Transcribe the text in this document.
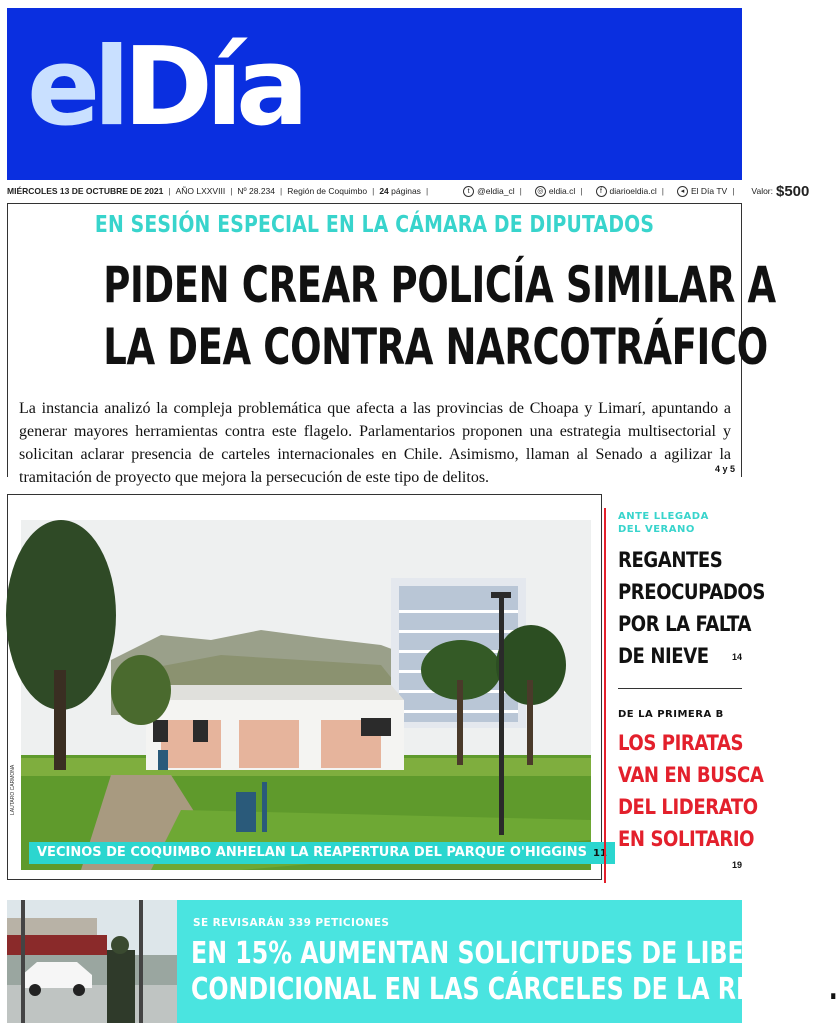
elDía
MIÉRCOLES 13 DE OCTUBRE DE 2021 | AÑO LXXVIII | Nº 28.234 | Región de Coquimbo | 24
páginas |	t @eldia_cl |	◎ eldia.cl |	f diarioeldia.cl |	◂ El Día TV | Valor: $500
EN SESIÓN ESPECIAL EN LA CÁMARA DE DIPUTADOS
PIDEN CREAR POLICÍA SIMILAR A
LA DEA CONTRA NARCOTRÁFICO
La instancia analizó la compleja problemática que afecta a las provincias de Choapa y Limarí, apuntando a generar mayores herramientas contra este flagelo. Parlamentarios proponen una estrategia multisectorial y solicitan aclarar presencia de carteles internacionales en Chile. Asimismo, llaman al Senado a agilizar la tramitación de proyecto que mejora la persecución de este tipo de delitos.	4 y 5
VECINOS DE COQUIMBO ANHELAN LA REAPERTURA DEL PARQUE O'HIGGINS 11
LAUTARO CARMONA
ANTE LLEGADA
DEL VERANO
REGANTES
PREOCUPADOS
POR LA FALTA
DE NIEVE	14
DE LA PRIMERA B
LOS PIRATAS
VAN EN BUSCA
DEL LIDERATO
EN SOLITARIO
19
SE REVISARÁN 339 PETICIONES
EN 15% AUMENTAN SOLICITUDES DE LIBERTAD
CONDICIONAL EN LAS CÁRCELES DE LA REGIÓN .
